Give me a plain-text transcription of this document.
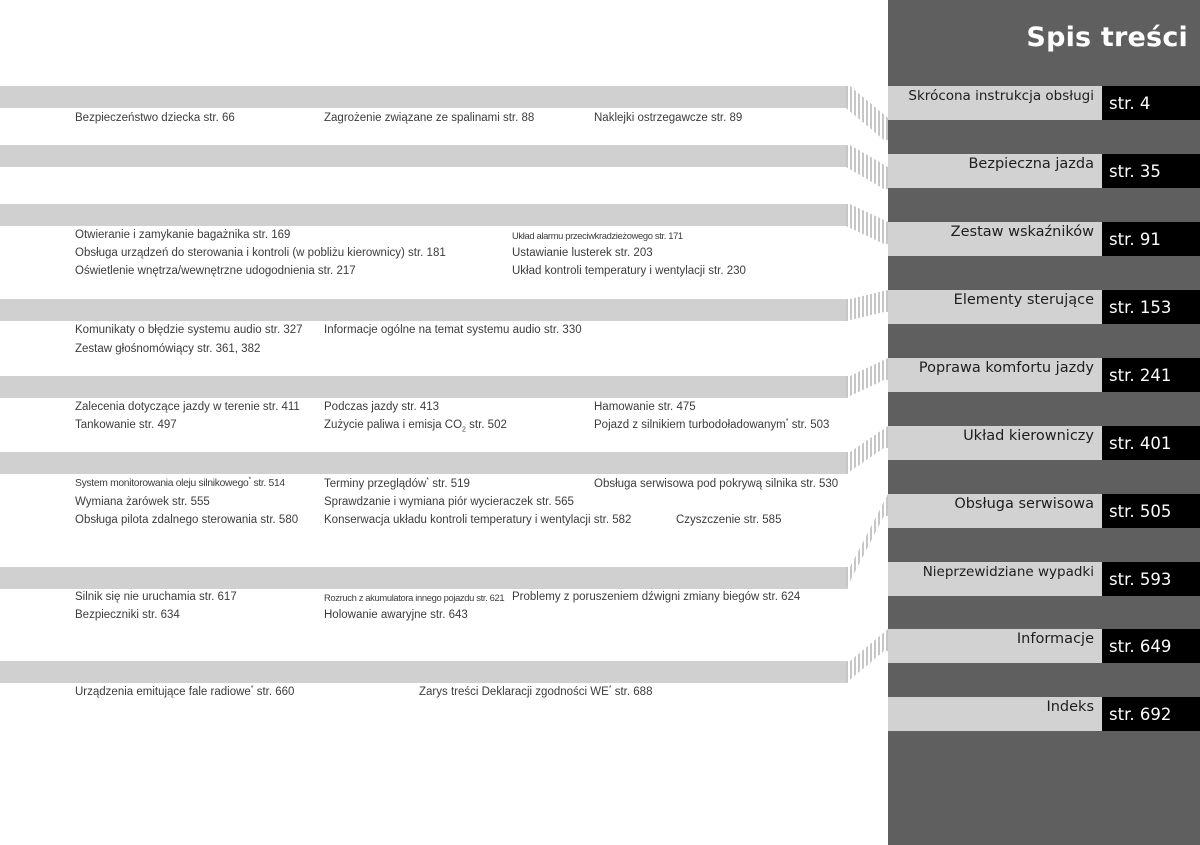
Spis treści
Skrócona instrukcja obsługi str. 4
Bezpieczna jazda str. 35
Zestaw wskaźników str. 91
Elementy sterujące str. 153
Poprawa komfortu jazdy str. 241
Układ kierowniczy str. 401
Obsługa serwisowa str. 505
Nieprzewidziane wypadki str. 593
Informacje str. 649
Indeks str. 692
Bezpieczeństwo dziecka str. 66	Zagrożenie związane ze spalinami str. 88	Naklejki ostrzegawcze str. 89
Otwieranie i zamykanie bagażnika str. 169	Układ alarmu przeciwkradzieżowego str. 171
Obsługa urządzeń do sterowania i kontroli (w pobliżu kierownicy) str. 181	Ustawianie lusterek str. 203
Oświetlenie wnętrza/wewnętrzne udogodnienia str. 217	Układ kontroli temperatury i wentylacji str. 230
Komunikaty o błędzie systemu audio str. 327 Informacje ogólne na temat systemu audio str. 330
Zestaw głośnomówiący str. 361, 382
Zalecenia dotyczące jazdy w terenie str. 411 Podczas jazdy str. 413	Hamowanie str. 475
Tankowanie str. 497	Zużycie paliwa i emisja $CO_2$ str. 502	Pojazd z silnikiem turbodoładowanym* str. 503
System monitorowania oleju silnikowego* str. 514	Terminy przeglądów* str. 519	Obsługa serwisowa pod pokrywą silnika str. 530
Wymiana żarówek str. 555	Sprawdzanie i wymiana piór wycieraczek str. 565
Obsługa pilota zdalnego sterowania str. 580 Konserwacja układu kontroli temperatury i wentylacji str. 582	Czyszczenie str. 585
Silnik się nie uruchamia str. 617	Rozruch z akumulatora innego pojazdu str. 621 Problemy z poruszeniem dźwigni zmiany biegów str. 624
Bezpieczniki str. 634	Holowanie awaryjne str. 643
Urządzenia emitujące fale radiowe* str. 660	Zarys treści Deklaracji zgodności WE* str. 688
